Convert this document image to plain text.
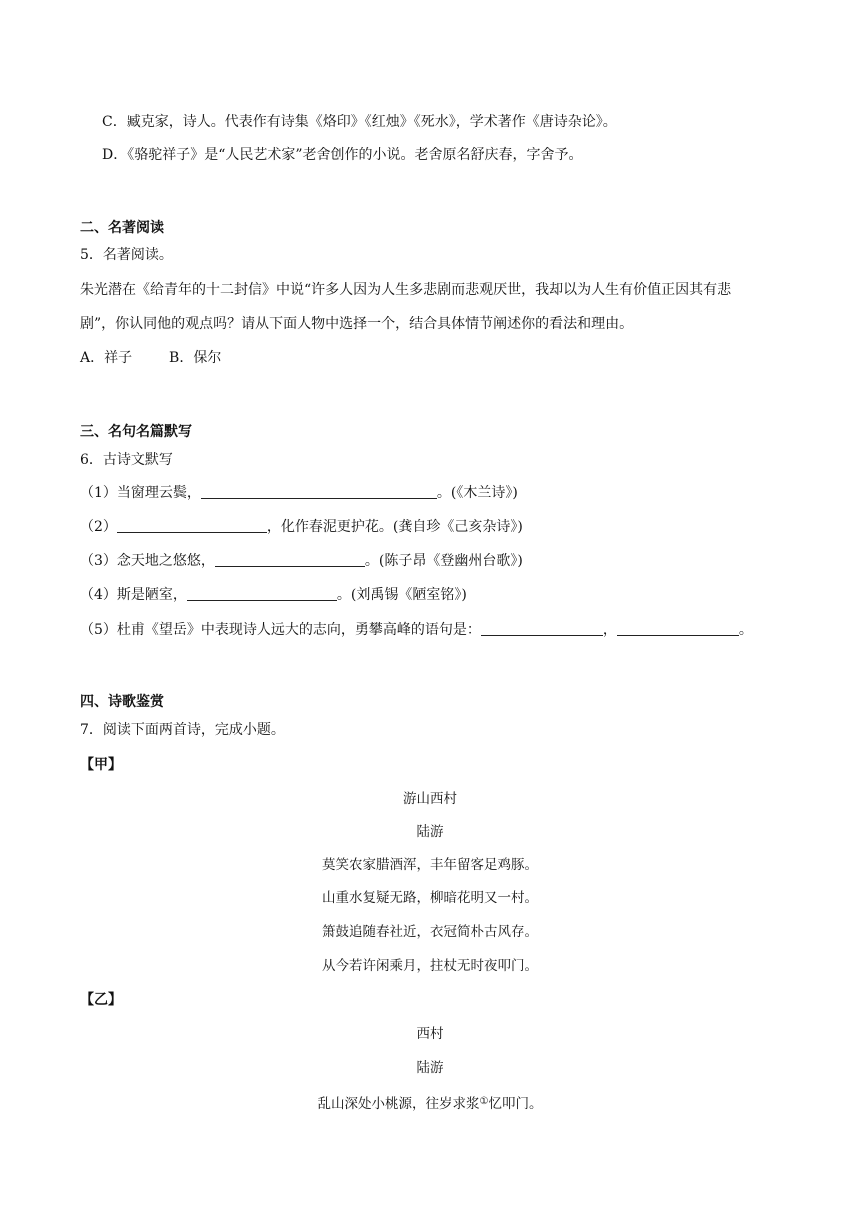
C．臧克家，诗人。代表作有诗集《烙印》《红烛》《死水》，学术著作《唐诗杂论》。
D．《骆驼祥子》是“人民艺术家”老舍创作的小说。老舍原名舒庆春，字舍予。
二、名著阅读
5．名著阅读。
朱光潜在《给青年的十二封信》中说“许多人因为人生多悲剧而悲观厌世，我却以为人生有价值正因其有悲
剧”，你认同他的观点吗？请从下面人物中选择一个，结合具体情节阐述你的看法和理由。
A．祥子	B．保尔
三、名句名篇默写
6．古诗文默写
（1）当窗理云鬓，	。(《木兰诗》)
（2）	，化作春泥更护花。(龚自珍《己亥杂诗》)
（3）念天地之悠悠，	。(陈子昂《登幽州台歌》)
（4）斯是陋室，	。(刘禹锡《陋室铭》)
（5）杜甫《望岳》中表现诗人远大的志向，勇攀高峰的语句是：	，	。
四、诗歌鉴赏
7．阅读下面两首诗，完成小题。
【甲】
游山西村
陆游
莫笑农家腊酒浑，丰年留客足鸡豚。
山重水复疑无路，柳暗花明又一村。
箫鼓追随春社近，衣冠简朴古风存。
从今若许闲乘月，拄杖无时夜叩门。
【乙】
西村
陆游
乱山深处小桃源，往岁求浆①忆叩门。
